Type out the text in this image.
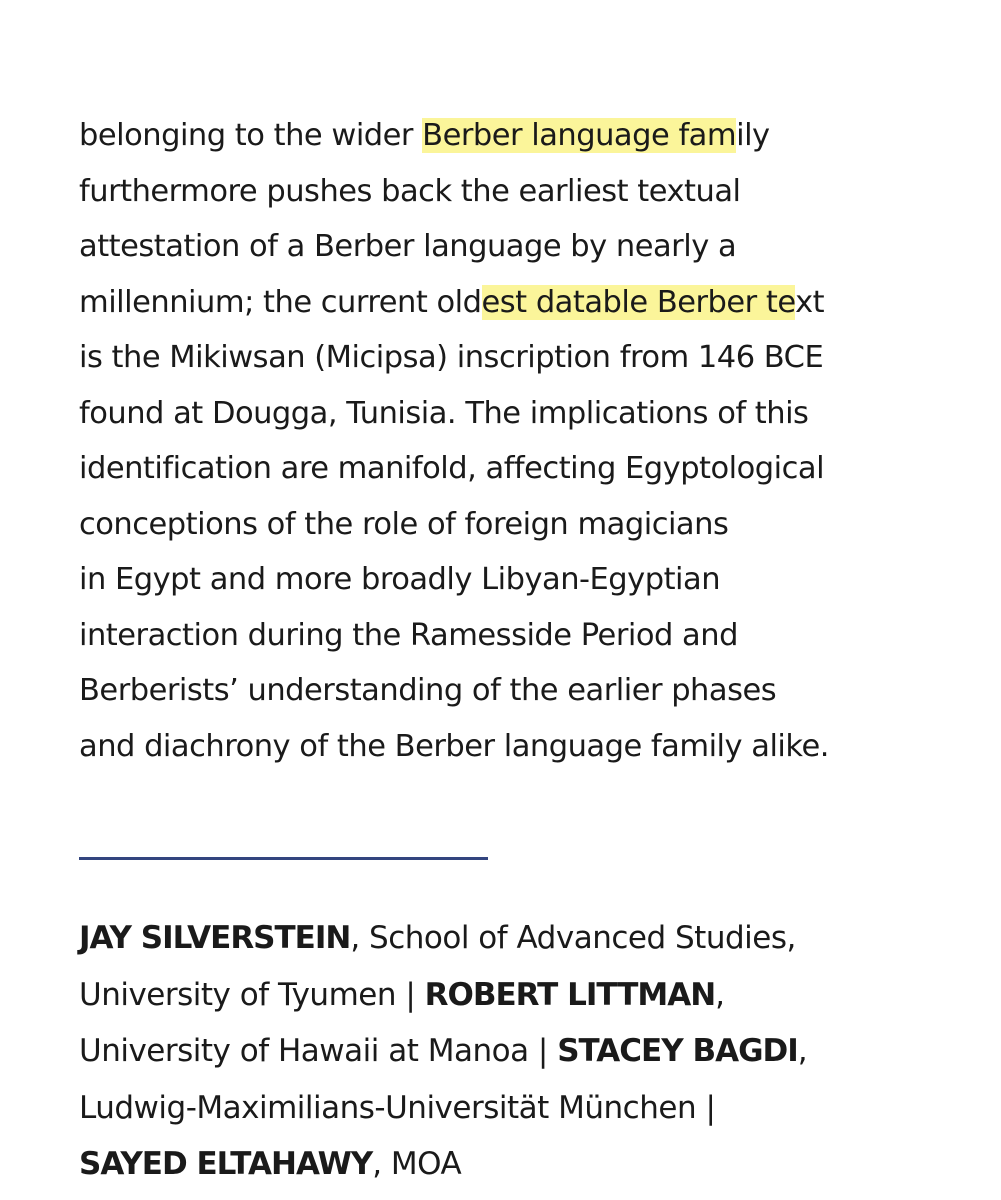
belonging to the wider Berber language family
furthermore pushes back the earliest textual
attestation of a Berber language by nearly a
millennium; the current oldest datable Berber text
is the Mikiwsan (Micipsa) inscription from 146 BCE
found at Dougga, Tunisia. The implications of this
identification are manifold, affecting Egyptological
conceptions of the role of foreign magicians
in Egypt and more broadly Libyan-Egyptian
interaction during the Ramesside Period and
Berberists’ understanding of the earlier phases
and diachrony of the Berber language family alike.
JAY SILVERSTEIN, School of Advanced Studies,
University of Tyumen | ROBERT LITTMAN,
University of Hawaii at Manoa | STACEY BAGDI,
Ludwig-Maximilians-Universität München |
SAYED ELTAHAWY, MOA
